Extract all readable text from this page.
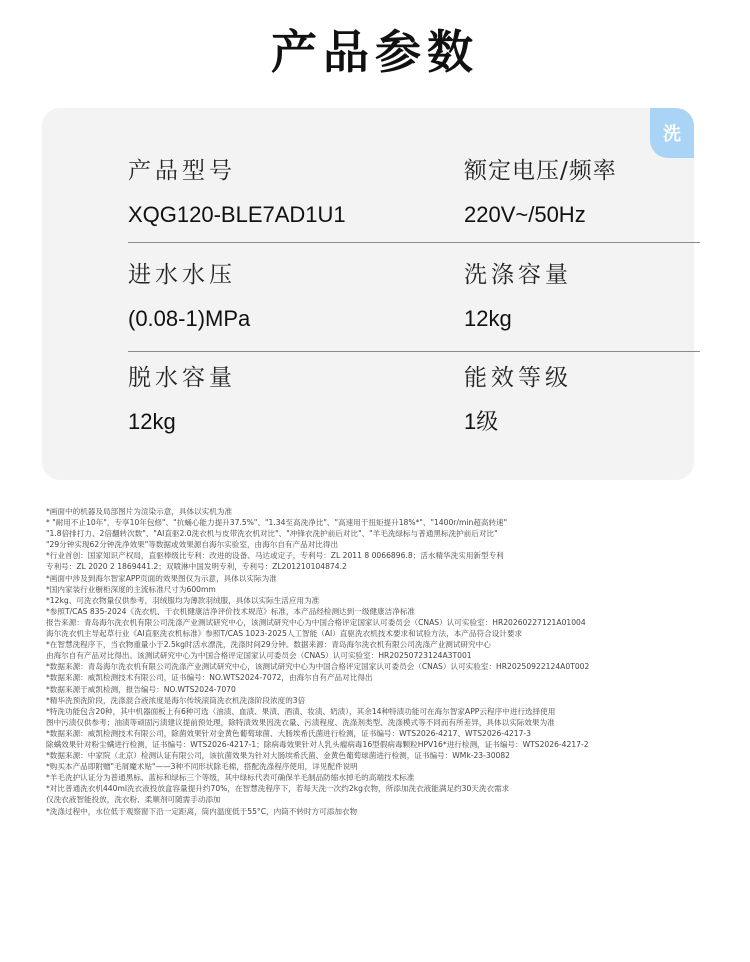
产品参数
洗
产品型号
XQG120-BLE7AD1U1
额定电压/频率
220V~/50Hz
进水水压
(0.08-1)MPa
洗涤容量
12kg
脱水容量
12kg
能效等级
1级
*画面中的机器及局部图片为渲染示意，具体以实机为准
* "耐用不止10年"，专享10年包修"、"抗蛹心能力提升37.5%"、"1.34至高洗净比"、"高速用干扭矩提升18%*"、"1400r/min超高转速"
"1.8倍排打力、2倍翻转次数"、"AI直驱2.0洗衣机与皮带洗衣机对比"、"冲锋衣洗护前后对比"、"羊毛洗绿标与普通黑标洗护前后对比"
"29分钟实现62分钟洗净效果"等数据或效果源自海尔实验室，由海尔自有产品对比得出
*行业首创：国家知识产权局，直驱棒级比专利：改进的设备、马达或定子，专利号：ZL 2011 8 0066896.8；活水精华洗实用新型专利
专利号：ZL 2020 2 1869441.2；双喷淋中国发明专利，专利号：ZL201210104874.2
*画面中涉及到海尔智家APP页面的效果图仅为示意，具体以实际为准
*国内家装行业橱柜深度的主流标准尺寸为600mm
*12kg、可洗衣物量仅供参考，羽绒服均为薄款羽绒服，具体以实际生活应用为准
*参照T/CAS 835-2024《洗衣机、干衣机健康洁净评价技术规范》标准，本产品经检测达到一级健康洁净标准
报告来源：青岛海尔洗衣机有限公司洗涤产业测试研究中心，该测试研究中心为中国合格评定国家认可委员会（CNAS）认可实验室：HR20260227121A01004
海尔洗衣机主导起草行业《AI直驱洗衣机标准》参照T/CAS 1023-2025人工智能（AI）直驱洗衣机技术要求和试验方法，本产品符合设计要求
*在智慧洗程序下，当衣物重量小于2.5kg时活水漂洗，洗涤时间29分钟。数据来源：青岛海尔洗衣机有限公司洗涤产业测试研究中心
由海尔自有产品对比得出。该测试研究中心为中国合格评定国家认可委员会（CNAS）认可实验室：HR20250723124A3T001
*数据来源：青岛海尔洗衣机有限公司洗涤产业测试研究中心，该测试研究中心为中国合格评定国家认可委员会（CNAS）认可实验室：HR20250922124A0T002
*数据来源：威凯检测技术有限公司，证书编号：NO.WTS2024-7072，由海尔自有产品对比得出
*数据来源于威凯检测，报告编号：NO.WTS2024-7070
*精华洗预洗阶段，洗涤混合液浓度是海尔传统滚筒洗衣机洗涤阶段浓度的3倍
*特洗功能包含20种，其中机器面板上有6种可选（油渍、血渍、果渍、酒渍、妆渍、奶渍），其余14种特渍功能可在海尔智家APP云程序中进行选择使用
图中污渍仅供参考；油渍等顽固污渍建议提前预处理，除特渍效果因洗衣量、污渍程度、洗涤剂类型、洗涤模式等不同而有所差异，具体以实际效果为准
*数据来源：威凯检测技术有限公司，除菌效果针对金黄色葡萄球菌、大肠埃希氏菌进行检测，证书编号：WTS2026-4217、WTS2026-4217-3
除螨效果针对粉尘螨进行检测，证书编号：WTS2026-4217-1；除病毒效果针对人乳头瘤病毒16型假病毒颗粒HPV16*进行检测，证书编号：WTS2026-4217-2
*数据来源：中家院（北京）检测认证有限公司，该抗菌效果为针对大肠埃希氏菌、金黄色葡萄球菌进行检测，证书编号：WMk-23-30082
*购买本产品即附赠"毛屑魔术贴"——3种不同形状除毛棉，搭配洗涤程序使用，详见配件说明
*羊毛洗护认证分为普通黑标、蓝标和绿标三个等级，其中绿标代表可确保羊毛制品防缩水掉毛的高端技术标准
*对比普通洗衣机440ml洗衣液投放盒容量提升约70%，在智慧洗程序下，若每天洗一次约2kg衣物，所添加洗衣液能满足约30天洗衣需求
仅洗衣液智能投放，洗衣粉、柔顺剂可随需手动添加
*洗涤过程中，水位低于观察窗下沿一定距离，筒内温度低于55°C，内筒不转时方可添加衣物
